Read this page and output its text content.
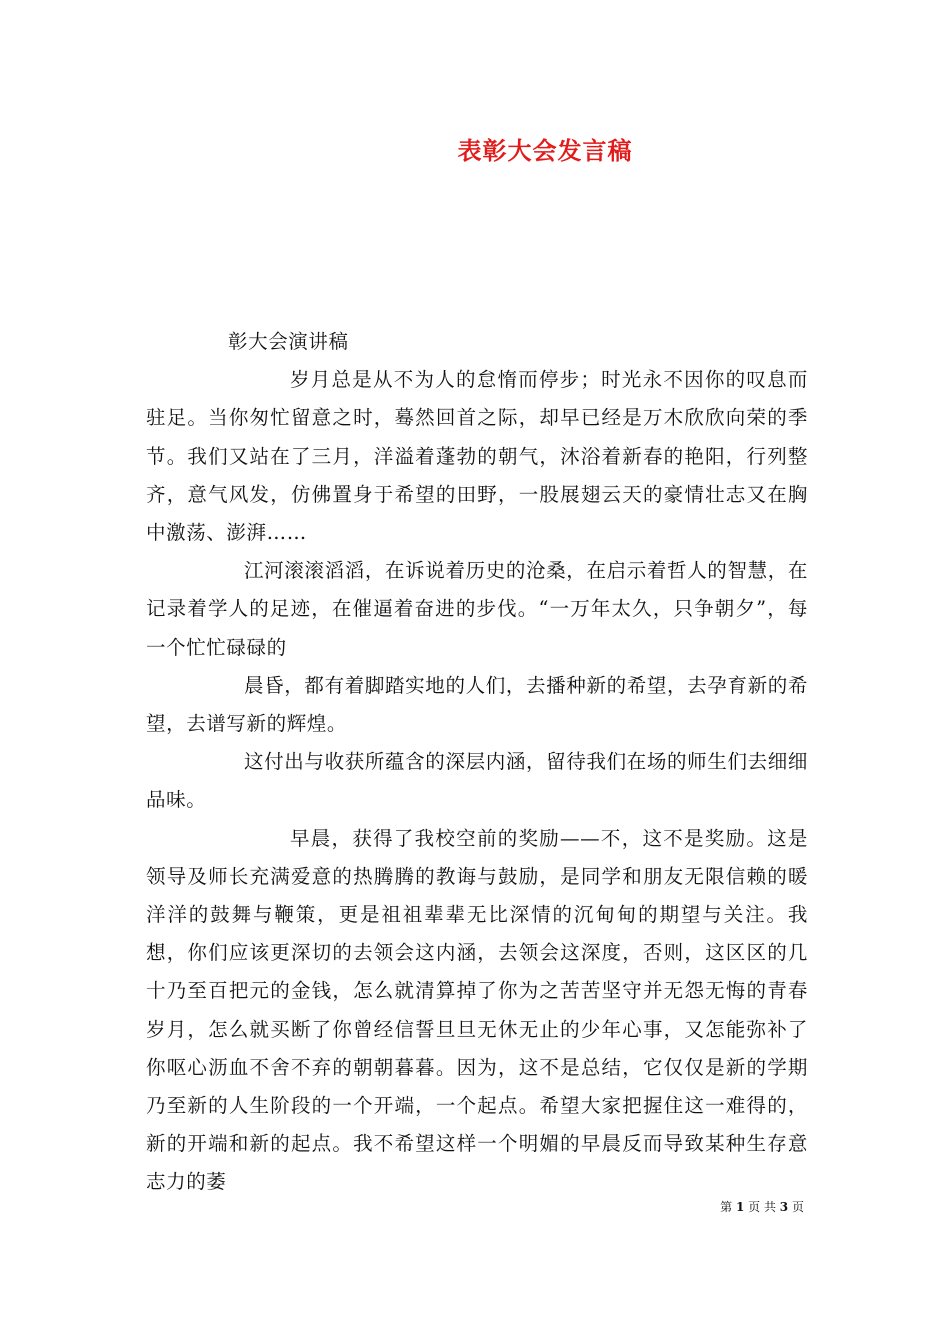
表彰大会发言稿

彰大会演讲稿

岁月总是从不为人的怠惰而停步；时光永不因你的叹息而驻足。当你匆忙留意之时，蓦然回首之际，却早已经是万木欣欣向荣的季节。我们又站在了三月，洋溢着蓬勃的朝气，沐浴着新春的艳阳，行列整齐，意气风发，仿佛置身于希望的田野，一股展翅云天的豪情壮志又在胸中激荡、澎湃……

江河滚滚滔滔，在诉说着历史的沧桑，在启示着哲人的智慧，在记录着学人的足迹，在催逼着奋进的步伐。“一万年太久，只争朝夕”，每一个忙忙碌碌的

晨昏，都有着脚踏实地的人们，去播种新的希望，去孕育新的希望，去谱写新的辉煌。

这付出与收获所蕴含的深层内涵，留待我们在场的师生们去细细品味。

早晨，获得了我校空前的奖励——不，这不是奖励。这是领导及师长充满爱意的热腾腾的教诲与鼓励，是同学和朋友无限信赖的暖洋洋的鼓舞与鞭策，更是祖祖辈辈无比深情的沉甸甸的期望与关注。我想，你们应该更深切的去领会这内涵，去领会这深度，否则，这区区的几十乃至百把元的金钱，怎么就清算掉了你为之苦苦坚守并无怨无悔的青春岁月，怎么就买断了你曾经信誓旦旦无休无止的少年心事，又怎能弥补了你呕心沥血不舍不弃的朝朝暮暮。因为，这不是总结，它仅仅是新的学期乃至新的人生阶段的一个开端，一个起点。希望大家把握住这一难得的，新的开端和新的起点。我不希望这样一个明媚的早晨反而导致某种生存意志力的萎

第 1 页 共 3 页
